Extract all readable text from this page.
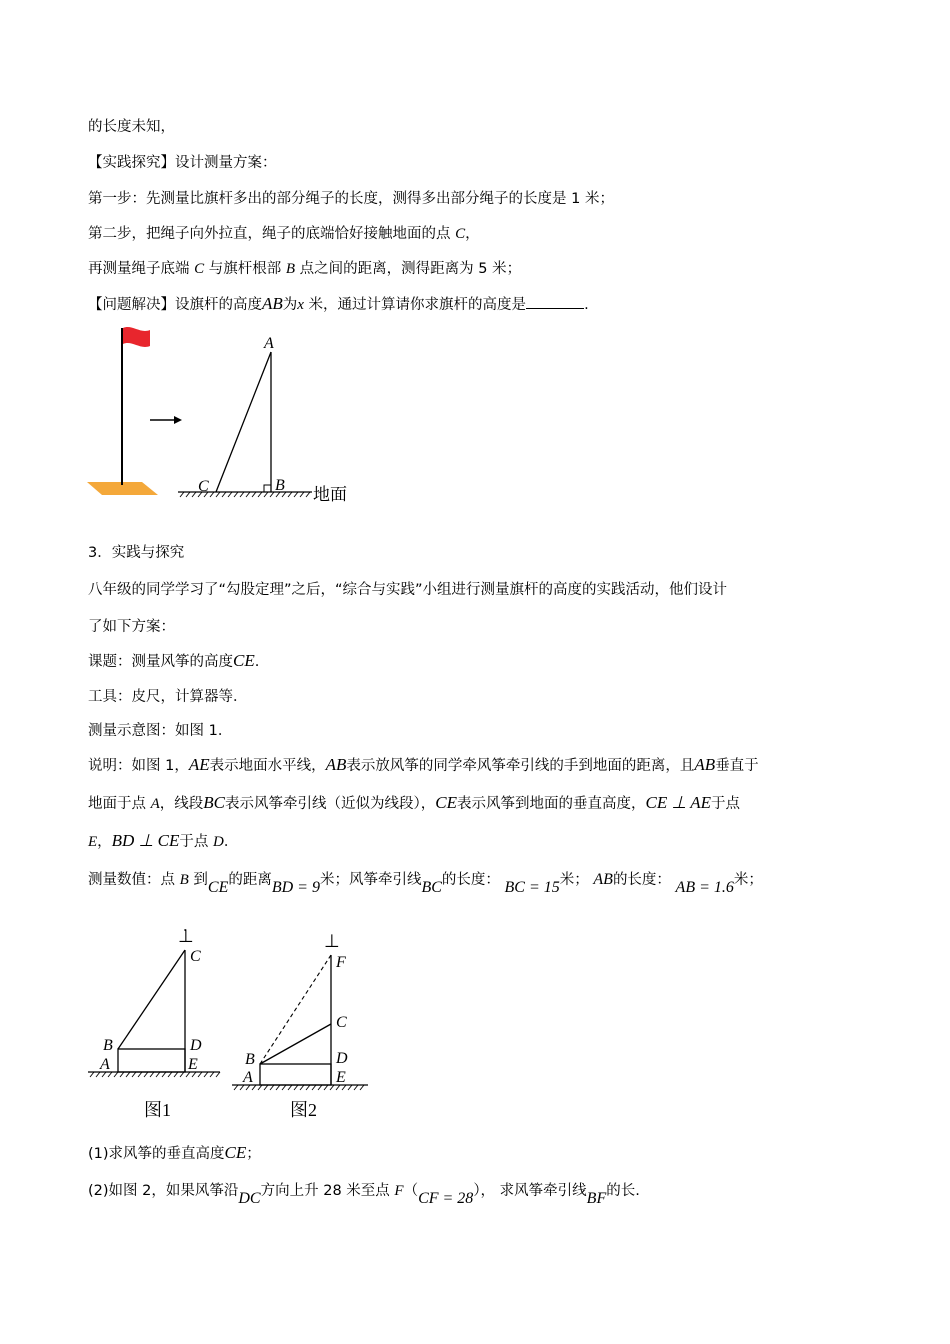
的长度未知，
【实践探究】设计测量方案：
第一步：先测量比旗杆多出的部分绳子的长度，测得多出部分绳子的长度是 1 米；
第二步，把绳子向外拉直，绳子的底端恰好接触地面的点 C，
再测量绳子底端 C 与旗杆根部 B 点之间的距离，测得距离为 5 米；
【问题解决】设旗杆的高度AB为x 米，通过计算请你求旗杆的高度是	.
A
C	B 地面
3．实践与探究
八年级的同学学习了“勾股定理”之后，“综合与实践”小组进行测量旗杆的高度的实践活动，他们设计
了如下方案：
课题：测量风筝的高度CE.
工具：皮尺，计算器等．
测量示意图：如图 1．
说明：如图 1，AE表示地面水平线，AB表示放风筝的同学牵风筝牵引线的手到地面的距离，且AB垂直于
地面于点 A，线段BC表示风筝牵引线（近似为线段），CE表示风筝到地面的垂直高度，CE ⊥ AE于点
E，BD ⊥ CE于点 D．
测量数值：点 B 到CE的距离BD = 9米；风筝牵引线BC的长度： BC = 15米； AB的长度： AB = 1.6米；
⊥
C
B
A
D
E
图1
⊥
F
C
B
A
D
E
图2
(1)求风筝的垂直高度CE；
(2)如图 2，如果风筝沿DC方向上升 28 米至点 F（CF = 28）， 求风筝牵引线BF的长.
